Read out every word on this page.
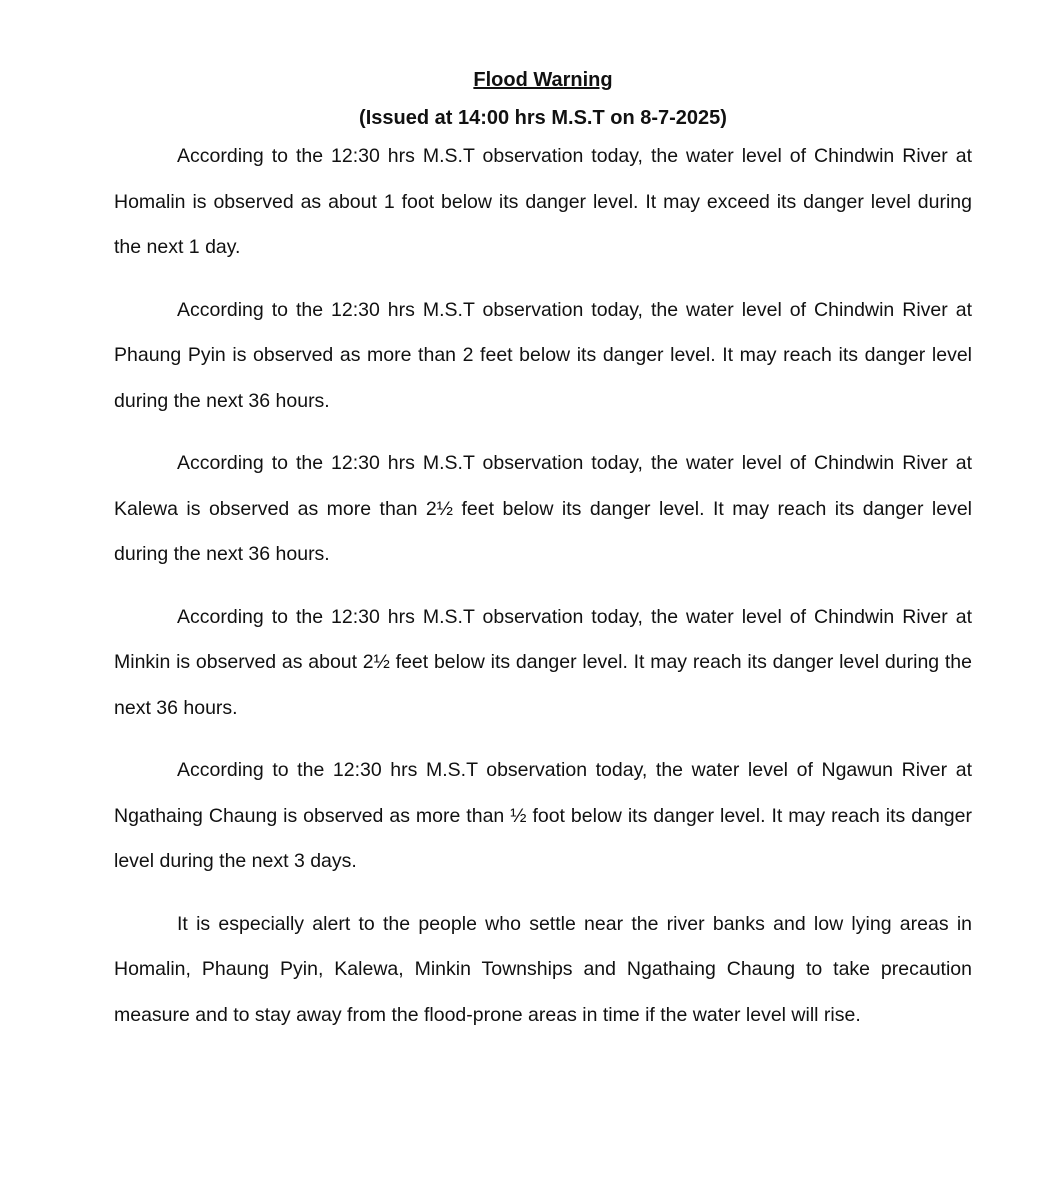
Flood Warning
(Issued at 14:00 hrs M.S.T on 8-7-2025)

According to the 12:30 hrs M.S.T observation today, the water level of Chindwin River at Homalin is observed as about 1 foot below its danger level. It may exceed its danger level during the next 1 day.

According to the 12:30 hrs M.S.T observation today, the water level of Chindwin River at Phaung Pyin is observed as more than 2 feet below its danger level. It may reach its danger level during the next 36 hours.

According to the 12:30 hrs M.S.T observation today, the water level of Chindwin River at Kalewa is observed as more than 2½ feet below its danger level. It may reach its danger level during the next 36 hours.

According to the 12:30 hrs M.S.T observation today, the water level of Chindwin River at Minkin is observed as about 2½ feet below its danger level. It may reach its danger level during the next 36 hours.

According to the 12:30 hrs M.S.T observation today, the water level of Ngawun River at Ngathaing Chaung is observed as more than ½ foot below its danger level. It may reach its danger level during the next 3 days.

It is especially alert to the people who settle near the river banks and low lying areas in Homalin, Phaung Pyin, Kalewa, Minkin Townships and Ngathaing Chaung to take precaution measure and to stay away from the flood-prone areas in time if the water level will rise.
